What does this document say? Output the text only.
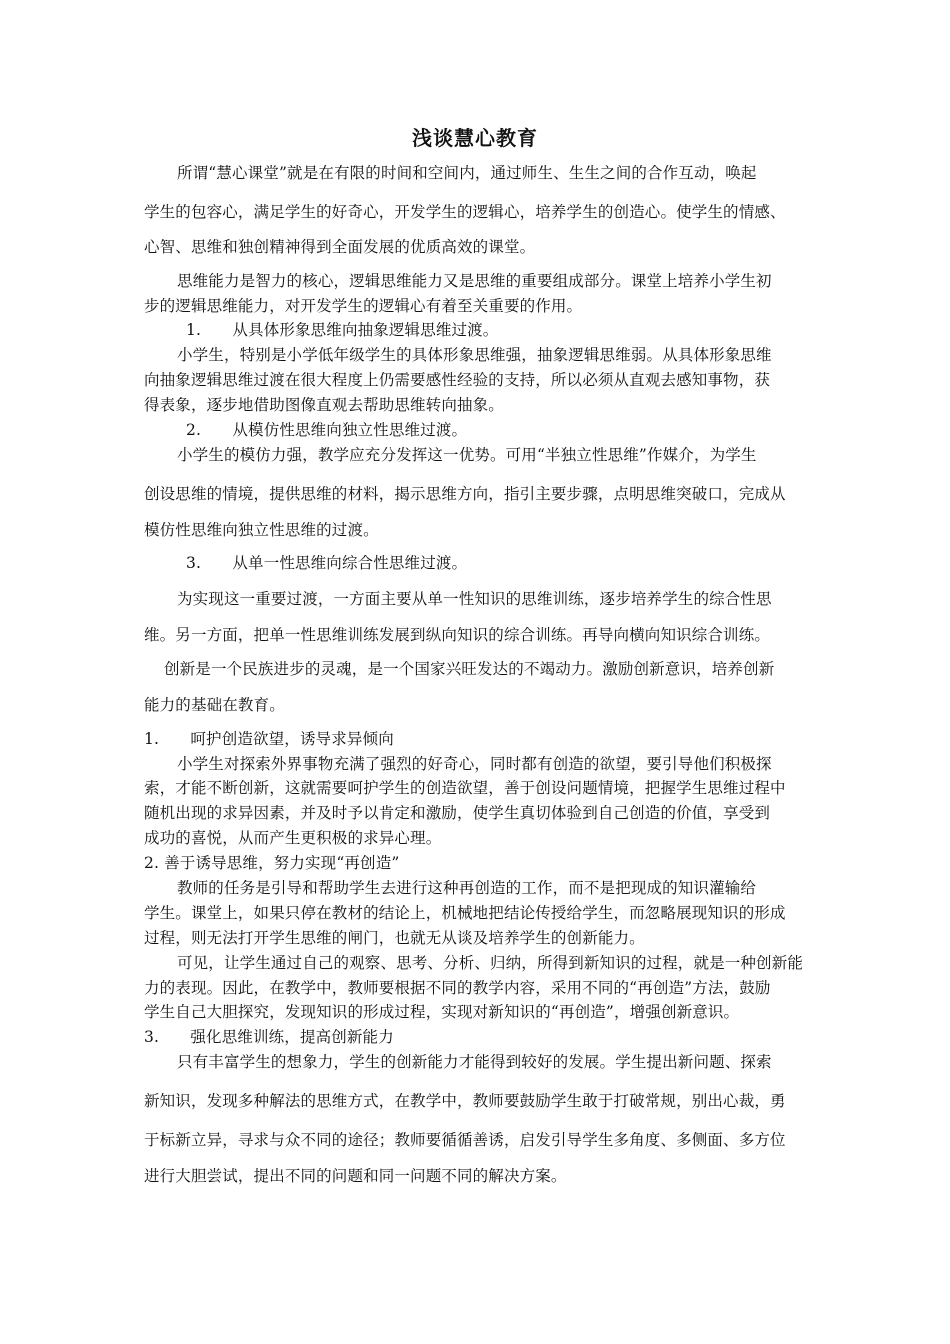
浅谈慧心教育
所谓“慧心课堂”就是在有限的时间和空间内，通过师生、生生之间的合作互动，唤起
学生的包容心，满足学生的好奇心，开发学生的逻辑心，培养学生的创造心。使学生的情感、
心智、思维和独创精神得到全面发展的优质高效的课堂。
思维能力是智力的核心，逻辑思维能力又是思维的重要组成部分。课堂上培养小学生初
步的逻辑思维能力，对开发学生的逻辑心有着至关重要的作用。
1.　　从具体形象思维向抽象逻辑思维过渡。
小学生，特别是小学低年级学生的具体形象思维强，抽象逻辑思维弱。从具体形象思维
向抽象逻辑思维过渡在很大程度上仍需要感性经验的支持，所以必须从直观去感知事物，获
得表象，逐步地借助图像直观去帮助思维转向抽象。
2.　　从模仿性思维向独立性思维过渡。
小学生的模仿力强，教学应充分发挥这一优势。可用“半独立性思维”作媒介，为学生
创设思维的情境，提供思维的材料，揭示思维方向，指引主要步骤，点明思维突破口，完成从
模仿性思维向独立性思维的过渡。
3.　　从单一性思维向综合性思维过渡。
为实现这一重要过渡，一方面主要从单一性知识的思维训练，逐步培养学生的综合性思
维。另一方面，把单一性思维训练发展到纵向知识的综合训练。再导向横向知识综合训练。
创新是一个民族进步的灵魂，是一个国家兴旺发达的不竭动力。激励创新意识，培养创新
能力的基础在教育。
1.　　呵护创造欲望，诱导求异倾向
小学生对探索外界事物充满了强烈的好奇心，同时都有创造的欲望，要引导他们积极探
索，才能不断创新，这就需要呵护学生的创造欲望，善于创设问题情境，把握学生思维过程中
随机出现的求异因素，并及时予以肯定和激励，使学生真切体验到自己创造的价值，享受到
成功的喜悦，从而产生更积极的求异心理。
2. 善于诱导思维，努力实现“再创造”
教师的任务是引导和帮助学生去进行这种再创造的工作，而不是把现成的知识灌输给
学生。课堂上，如果只停在教材的结论上，机械地把结论传授给学生，而忽略展现知识的形成
过程，则无法打开学生思维的闸门，也就无从谈及培养学生的创新能力。
可见，让学生通过自己的观察、思考、分析、归纳，所得到新知识的过程，就是一种创新能
力的表现。因此，在教学中，教师要根据不同的教学内容，采用不同的“再创造”方法，鼓励
学生自己大胆探究，发现知识的形成过程，实现对新知识的“再创造”，增强创新意识。
3.　　强化思维训练，提高创新能力
只有丰富学生的想象力，学生的创新能力才能得到较好的发展。学生提出新问题、探索
新知识，发现多种解法的思维方式，在教学中，教师要鼓励学生敢于打破常规，别出心裁，勇
于标新立异，寻求与众不同的途径；教师要循循善诱，启发引导学生多角度、多侧面、多方位
进行大胆尝试，提出不同的问题和同一问题不同的解决方案。
